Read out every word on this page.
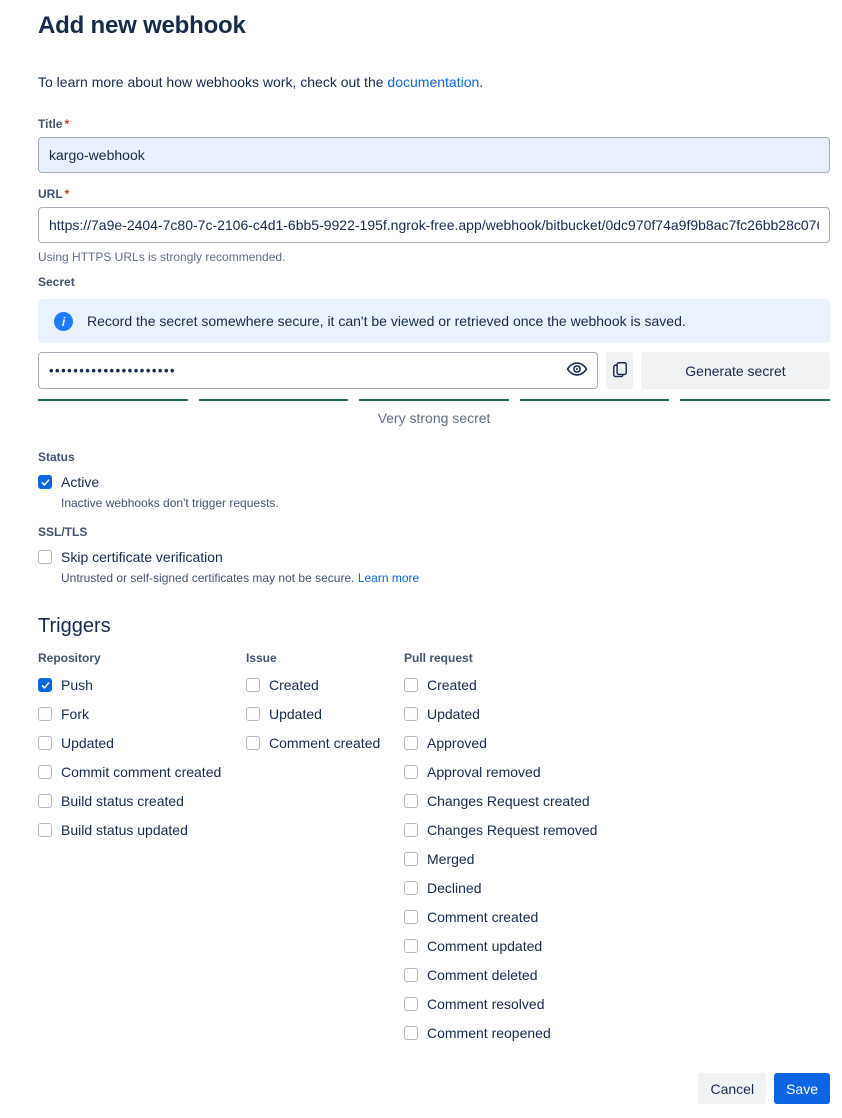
Add new webhook

To learn more about how webhooks work, check out the documentation.

Title *
kargo-webhook
URL *
https://7a9e-2404-7c80-7c-2106-c4d1-6bb5-9922-195f.ngrok-free.app/webhook/bitbucket/0dc970f74a9f9b8ac7fc26bb28c076c0c9
Using HTTPS URLs is strongly recommended.
Secret
i	Record the secret somewhere secure, it can't be viewed or retrieved once the webhook is saved.
•••••••••••••••••••••
Generate secret
Very strong secret
Status
Active
Inactive webhooks don't trigger requests.
SSL/TLS
Skip certificate verification
Untrusted or self-signed certificates may not be secure. Learn more
Triggers
Repository
Push
Fork
Updated
Commit comment created
Build status created
Build status updated
Issue
Created
Updated
Comment created
Pull request
Created
Updated
Approved
Approval removed
Changes Request created
Changes Request removed
Merged
Declined
Comment created
Comment updated
Comment deleted
Comment resolved
Comment reopened
Cancel	Save
